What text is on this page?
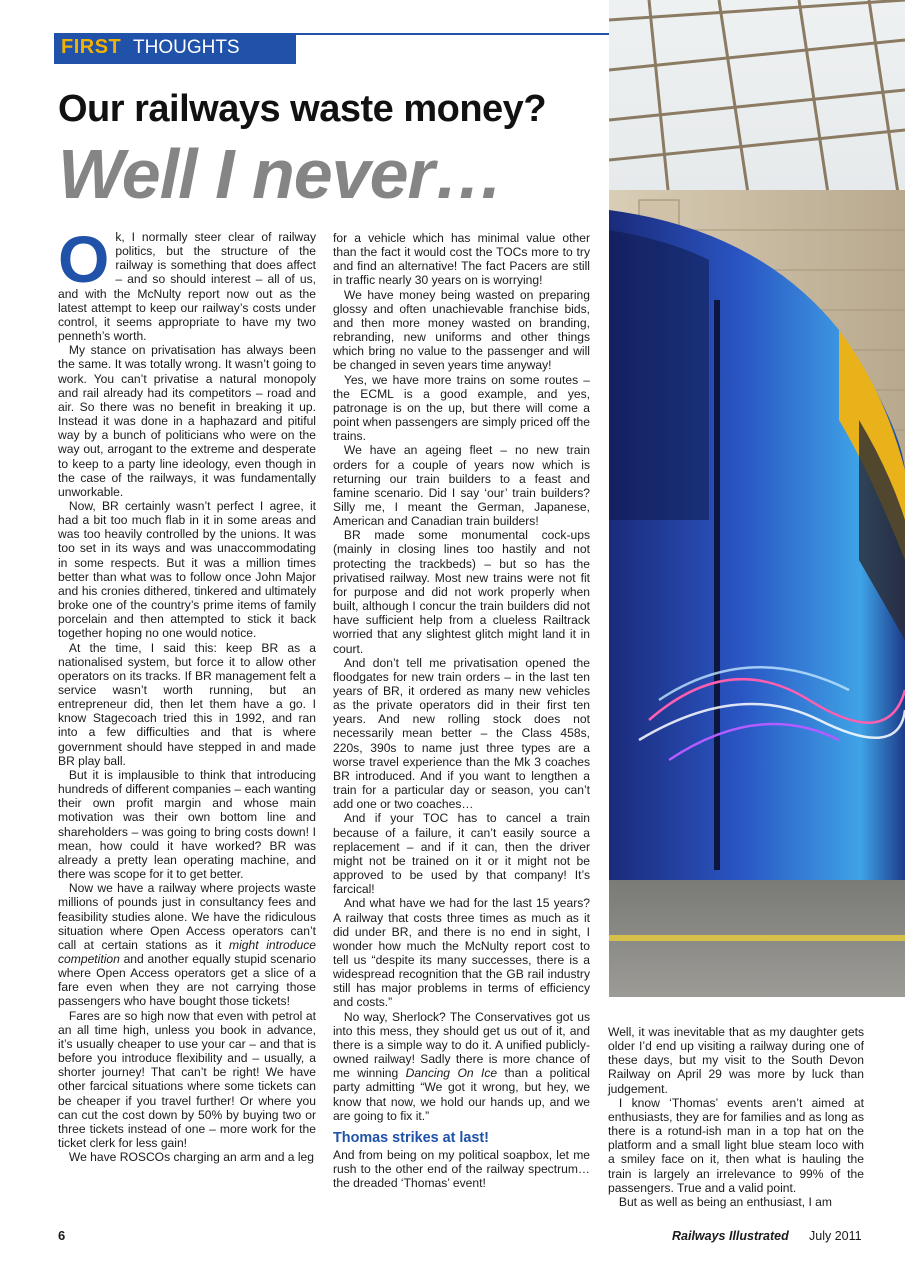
FIRST THOUGHTS
Our railways waste money?
Well I never…

Ok, I normally steer clear of railway politics, but the structure of the railway is something that does affect – and so should interest – all of us, and with the McNulty report now out as the latest attempt to keep our railway’s costs under control, it seems appropriate to have my two penneth’s worth.

My stance on privatisation has always been the same. It was totally wrong. It wasn’t going to work. You can’t privatise a natural monopoly and rail already had its competitors – road and air. So there was no benefit in breaking it up. Instead it was done in a haphazard and pitiful way by a bunch of politicians who were on the way out, arrogant to the extreme and desperate to keep to a party line ideology, even though in the case of the railways, it was fundamentally unworkable.

Now, BR certainly wasn’t perfect I agree, it had a bit too much flab in it in some areas and was too heavily controlled by the unions. It was too set in its ways and was unaccommodating in some respects. But it was a million times better than what was to follow once John Major and his cronies dithered, tinkered and ultimately broke one of the country’s prime items of family porcelain and then attempted to stick it back together hoping no one would notice.

At the time, I said this: keep BR as a nationalised system, but force it to allow other operators on its tracks. If BR management felt a service wasn’t worth running, but an entrepreneur did, then let them have a go. I know Stagecoach tried this in 1992, and ran into a few difficulties and that is where government should have stepped in and made BR play ball.

But it is implausible to think that introducing hundreds of different companies – each wanting their own profit margin and whose main motivation was their own bottom line and shareholders – was going to bring costs down! I mean, how could it have worked? BR was already a pretty lean operating machine, and there was scope for it to get better.

Now we have a railway where projects waste millions of pounds just in consultancy fees and feasibility studies alone. We have the ridiculous situation where Open Access operators can’t call at certain stations as it might introduce competition and another equally stupid scenario where Open Access operators get a slice of a fare even when they are not carrying those passengers who have bought those tickets!

Fares are so high now that even with petrol at an all time high, unless you book in advance, it’s usually cheaper to use your car – and that is before you introduce flexibility and – usually, a shorter journey! That can’t be right! We have other farcical situations where some tickets can be cheaper if you travel further! Or where you can cut the cost down by 50% by buying two or three tickets instead of one – more work for the ticket clerk for less gain!

We have ROSCOs charging an arm and a leg

for a vehicle which has minimal value other than the fact it would cost the TOCs more to try and find an alternative! The fact Pacers are still in traffic nearly 30 years on is worrying!

We have money being wasted on preparing glossy and often unachievable franchise bids, and then more money wasted on branding, rebranding, new uniforms and other things which bring no value to the passenger and will be changed in seven years time anyway!

Yes, we have more trains on some routes – the ECML is a good example, and yes, patronage is on the up, but there will come a point when passengers are simply priced off the trains.

We have an ageing fleet – no new train orders for a couple of years now which is returning our train builders to a feast and famine scenario. Did I say ‘our’ train builders? Silly me, I meant the German, Japanese, American and Canadian train builders!

BR made some monumental cock-ups (mainly in closing lines too hastily and not protecting the trackbeds) – but so has the privatised railway. Most new trains were not fit for purpose and did not work properly when built, although I concur the train builders did not have sufficient help from a clueless Railtrack worried that any slightest glitch might land it in court.

And don’t tell me privatisation opened the floodgates for new train orders – in the last ten years of BR, it ordered as many new vehicles as the private operators did in their first ten years. And new rolling stock does not necessarily mean better – the Class 458s, 220s, 390s to name just three types are a worse travel experience than the Mk 3 coaches BR introduced. And if you want to lengthen a train for a particular day or season, you can’t add one or two coaches…

And if your TOC has to cancel a train because of a failure, it can’t easily source a replacement – and if it can, then the driver might not be trained on it or it might not be approved to be used by that company! It’s farcical!

And what have we had for the last 15 years? A railway that costs three times as much as it did under BR, and there is no end in sight, I wonder how much the McNulty report cost to tell us “despite its many successes, there is a widespread recognition that the GB rail industry still has major problems in terms of efficiency and costs.”

No way, Sherlock? The Conservatives got us into this mess, they should get us out of it, and there is a simple way to do it. A unified publicly-owned railway! Sadly there is more chance of me winning Dancing On Ice than a political party admitting “We got it wrong, but hey, we know that now, we hold our hands up, and we are going to fix it.”

Thomas strikes at last!

And from being on my political soapbox, let me rush to the other end of the railway spectrum… the dreaded ‘Thomas’ event!

Well, it was inevitable that as my daughter gets older I’d end up visiting a railway during one of these days, but my visit to the South Devon Railway on April 29 was more by luck than judgement.

I know ‘Thomas’ events aren’t aimed at enthusiasts, they are for families and as long as there is a rotund-ish man in a top hat on the platform and a small light blue steam loco with a smiley face on it, then what is hauling the train is largely an irrelevance to 99% of the passengers. True and a valid point.

But as well as being an enthusiast, I am

6	Railways Illustrated July 2011
